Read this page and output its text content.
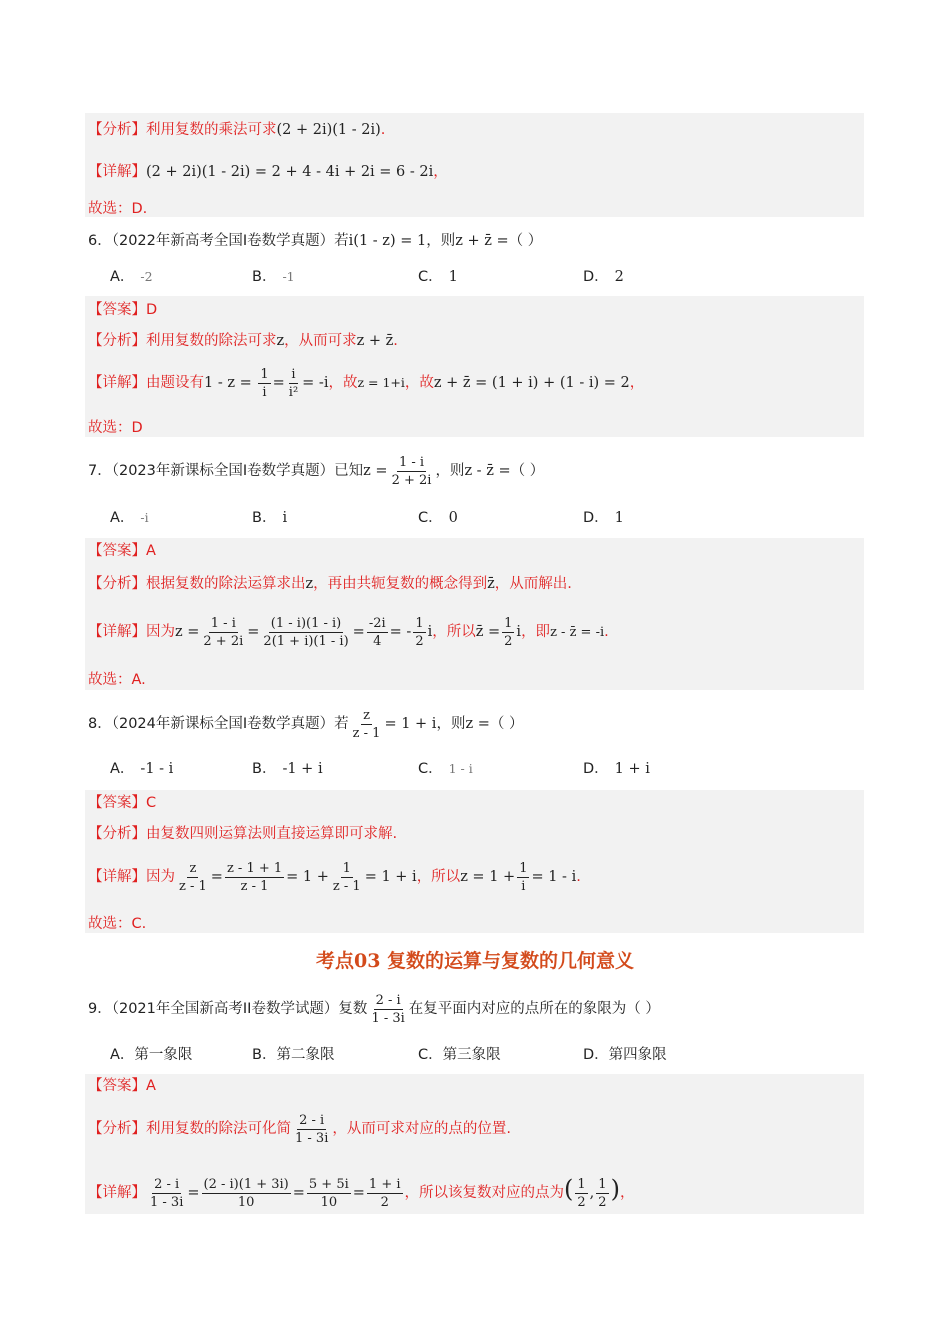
【分析】利用复数的乘法可求(2 + 2i)(1 - 2i).
【详解】(2 + 2i)(1 - 2i) = 2 + 4 - 4i + 2i = 6 - 2i，
故选：D.
6．（2022年新高考全国I卷数学真题）若i(1 - z) = 1，则z + z̄ =（ ）
A． -2	B． -1	C． 1	D． 2
【答案】D
【分析】利用复数的除法可求z，从而可求z + z̄.
【详解】由题设有$1 - z = \frac{1}{i} = \frac{i}{\text{i²}} = -i$，故z = 1+i，故z + z̄ = (1 + i) + (1 - i) = 2，
故选：D
7．（2023年新课标全国Ⅰ卷数学真题）已知$z = \frac{1 - i}{2 + 2i}$ ，则z - z̄ =（ ）
A． -i	B． i	C． 0	D． 1
【答案】A
【分析】根据复数的除法运算求出z，再由共轭复数的概念得到z̄，从而解出.
【详解】因为$z = \frac{1 - i}{2 + 2i} = \frac{(1 - i)(1 - i)}{2(1 + i)(1 - i)} = \frac{-2i}{4}$ = - $\frac{1}{2}$ i，所以z̄ = $\frac{1}{2}$ i，即z - z̄ = -i.
故选：A.
8．（2024年新课标全国Ⅰ卷数学真题）若 $\frac{z}{z - 1} = 1 + i$，则z =（ ）
A． -1 - i	B． -1 + i	C． 1 - i	D． 1 + i
【答案】C
【分析】由复数四则运算法则直接运算即可求解.
【详解】因为 $\frac{z}{z - 1} = \frac{z - 1 + 1}{z - 1} = 1 + \frac{1}{z - 1} = 1 + i$，所以$z = 1 + \frac{1}{i} = 1 - i$.
故选：C.
考点03 复数的运算与复数的几何意义
9．（2021年全国新高考II卷数学试题）复数 $\frac{2 - i}{1 - 3i}$ 在复平面内对应的点所在的象限为（ ）
A．第一象限	B．第二象限	C．第三象限	D．第四象限
【答案】A
【分析】利用复数的除法可化简 $\frac{2 - i}{1 - 3i}$ ，从而可求对应的点的位置.
【详解】 $\frac{2 - i}{1 - 3i} = \frac{(2 - i)(1 + 3i)}{10} = \frac{5 + 5i}{10} = \frac{1 + i}{2}$ ，所以该复数对应的点为( $\frac{1}{2}$ , $\frac{1}{2}$ )，
